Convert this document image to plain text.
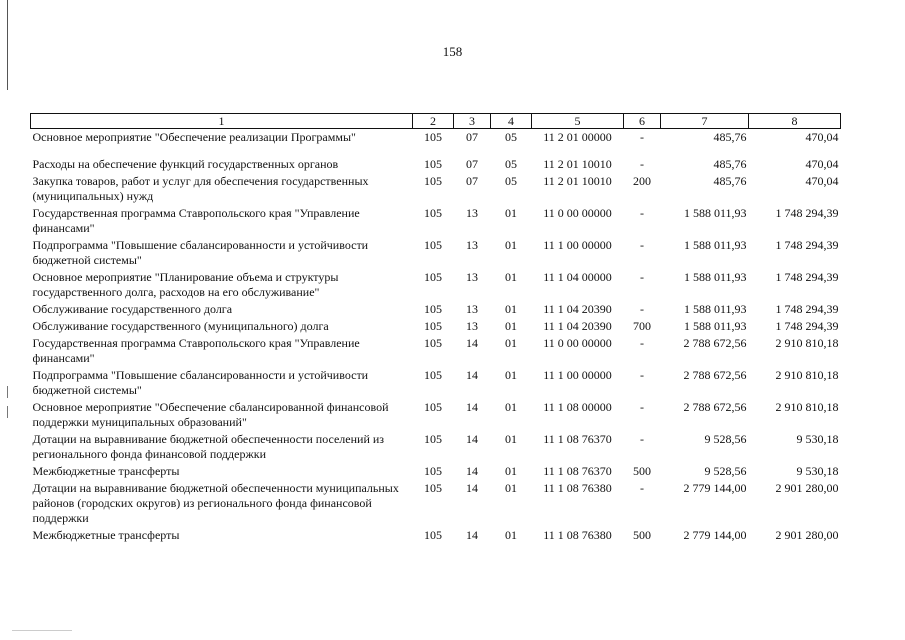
158
1	2	3	4	5	6	7	8
Основное мероприятие "Обеспечение реализации Программы"	105	07	05	11 2 01 00000	-	485,76	470,04

Расходы на обеспечение функций государственных органов	105	07	05	11 2 01 10010	-	485,76	470,04
Закупка товаров, работ и услуг для обеспечения государственных (муниципальных) нужд	105	07	05	11 2 01 10010	200	485,76	470,04
Государственная программа Ставропольского края "Управление финансами"	105	13	01	11 0 00 00000	-	1 588 011,93	1 748 294,39
Подпрограмма "Повышение сбалансированности и устойчивости бюджетной системы"	105	13	01	11 1 00 00000	-	1 588 011,93	1 748 294,39
Основное мероприятие "Планирование объема и структуры государственного долга, расходов на его обслуживание"	105	13	01	11 1 04 00000	-	1 588 011,93	1 748 294,39
Обслуживание государственного долга	105	13	01	11 1 04 20390	-	1 588 011,93	1 748 294,39
Обслуживание государственного (муниципального) долга	105	13	01	11 1 04 20390	700	1 588 011,93	1 748 294,39
Государственная программа Ставропольского края "Управление финансами"	105	14	01	11 0 00 00000	-	2 788 672,56	2 910 810,18
Подпрограмма "Повышение сбалансированности и устойчивости бюджетной системы"	105	14	01	11 1 00 00000	-	2 788 672,56	2 910 810,18
Основное мероприятие "Обеспечение сбалансированной финансовой поддержки муниципальных образований"	105	14	01	11 1 08 00000	-	2 788 672,56	2 910 810,18
Дотации на выравнивание бюджетной обеспеченности поселений из регионального фонда финансовой поддержки	105	14	01	11 1 08 76370	-	9 528,56	9 530,18
Межбюджетные трансферты	105	14	01	11 1 08 76370	500	9 528,56	9 530,18
Дотации на выравнивание бюджетной обеспеченности муниципальных районов (городских округов) из регионального фонда финансовой поддержки	105	14	01	11 1 08 76380	-	2 779 144,00	2 901 280,00
Межбюджетные трансферты	105	14	01	11 1 08 76380	500	2 779 144,00	2 901 280,00
